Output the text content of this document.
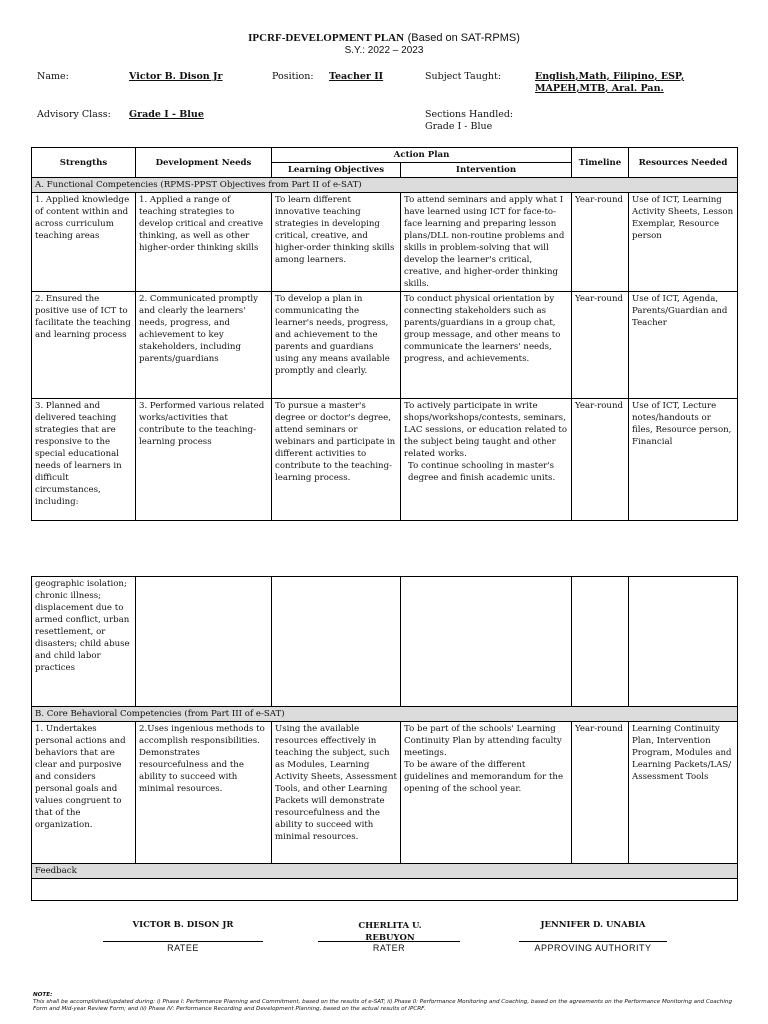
IPCRF-DEVELOPMENT PLAN (Based on SAT-RPMS)
S.Y.: 2022 – 2023
Name:	Victor B. Dison Jr	Position: Teacher II	Subject Taught:	English,Math, Filipino, ESP,
MAPEH,MTB, Aral. Pan.
Advisory Class: Grade I - Blue	Sections Handled:
Grade I - Blue
Strengths	Development Needs	Action Plan		Timeline	Resources Needed
		Learning Objectives	Intervention		
A. Functional Competencies (RPMS-PPST Objectives from Part II of e-SAT)					
1. Applied knowledge of content within and across curriculum teaching areas	1. Applied a range of teaching strategies to develop critical and creative thinking, as well as other higher-order thinking skills	To learn different innovative teaching strategies in developing critical, creative, and higher-order thinking skills among learners.	To attend seminars and apply what I have learned using ICT for face-to-face learning and preparing lesson plans/DLL non-routine problems and skills in problem-solving that will develop the learner's critical, creative, and higher-order thinking skills.	Year-round	Use of ICT, Learning Activity Sheets, Lesson Exemplar, Resource person
2. Ensured the positive use of ICT to facilitate the teaching and learning process	2. Communicated promptly and clearly the learners' needs, progress, and achievement to key stakeholders, including parents/guardians	To develop a plan in communicating the learner's needs, progress, and achievement to the parents and guardians using any means available promptly and clearly.	To conduct physical orientation by connecting stakeholders such as parents/guardians in a group chat, group message, and other means to communicate the learners' needs, progress, and achievements.	Year-round	Use of ICT, Agenda, Parents/Guardian and Teacher
3. Planned and delivered teaching strategies that are responsive to the special educational needs of learners in difficult circumstances, including:	3. Performed various related works/activities that contribute to the teaching-learning process	To pursue a master's degree or doctor's degree, attend seminars or webinars and participate in different activities to contribute to the teaching-learning process.	To actively participate in write shops/workshops/contests, seminars, LAC sessions, or education related to the subject being taught and other related works.
To continue schooling in master's degree and finish academic units.	Year-round	Use of ICT, Lecture notes/handouts or files, Resource person, Financial
geographic isolation; chronic illness; displacement due to armed conflict, urban resettlement, or disasters; child abuse and child labor practices					
B. Core Behavioral Competencies (from Part III of e-SAT)					
1. Undertakes personal actions and behaviors that are clear and purposive and considers personal goals and values congruent to that of the organization.	2.Uses ingenious methods to accomplish responsibilities. Demonstrates resourcefulness and the ability to succeed with minimal resources.	Using the available resources effectively in teaching the subject, such as Modules, Learning Activity Sheets, Assessment Tools, and other Learning Packets will demonstrate resourcefulness and the ability to succeed with minimal resources.	To be part of the schools' Learning Continuity Plan by attending faculty meetings.
To be aware of the different guidelines and memorandum for the opening of the school year.	Year-round	Learning Continuity Plan, Intervention Program, Modules and Learning Packets/LAS/ Assessment Tools
Feedback					

VICTOR B. DISON JR
RATEE
CHERLITA U. REBUYON
RATER
JENNIFER D. UNABIA
APPROVING AUTHORITY
NOTE:
This shall be accomplished/updated during: i) Phase I: Performance Planning and Commitment, based on the results of e-SAT; ii) Phase II: Performance Monitoring and Coaching, based on the agreements on the Performance Monitoring and Coaching Form and Mid-year Review Form; and iii) Phase IV: Performance Recording and Development Planning, based on the actual results of IPCRF.
